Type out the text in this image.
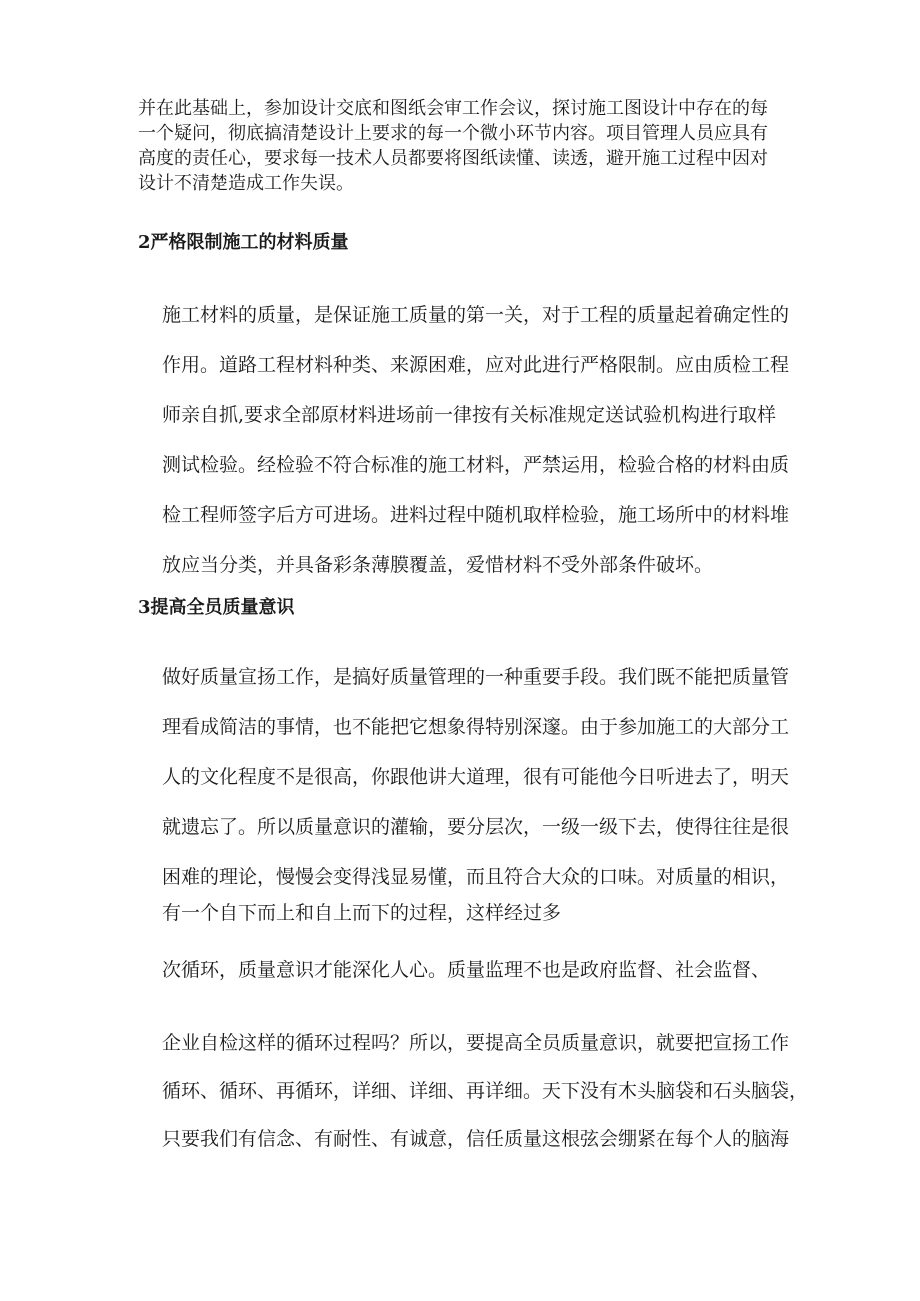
并在此基础上，参加设计交底和图纸会审工作会议，探讨施工图设计中存在的每
一个疑问，彻底搞清楚设计上要求的每一个微小环节内容。项目管理人员应具有
高度的责任心，要求每一技术人员都要将图纸读懂、读透，避开施工过程中因对
设计不清楚造成工作失误。
2严格限制施工的材料质量
施工材料的质量，是保证施工质量的第一关，对于工程的质量起着确定性的
作用。道路工程材料种类、来源困难，应对此进行严格限制。应由质检工程
师亲自抓,要求全部原材料进场前一律按有关标准规定送试验机构进行取样
测试检验。经检验不符合标准的施工材料，严禁运用，检验合格的材料由质
检工程师签字后方可进场。进料过程中随机取样检验，施工场所中的材料堆
放应当分类，并具备彩条薄膜覆盖，爱惜材料不受外部条件破坏。
3提高全员质量意识
做好质量宣扬工作，是搞好质量管理的一种重要手段。我们既不能把质量管
理看成简洁的事情，也不能把它想象得特别深邃。由于参加施工的大部分工
人的文化程度不是很高，你跟他讲大道理，很有可能他今日听进去了，明天
就遗忘了。所以质量意识的灌输，要分层次，一级一级下去，使得往往是很
困难的理论，慢慢会变得浅显易懂，而且符合大众的口味。对质量的相识，
有一个自下而上和自上而下的过程，这样经过多
次循环，质量意识才能深化人心。质量监理不也是政府监督、社会监督、
企业自检这样的循环过程吗？所以，要提高全员质量意识，就要把宣扬工作
循环、循环、再循环，详细、详细、再详细。天下没有木头脑袋和石头脑袋，
只要我们有信念、有耐性、有诚意，信任质量这根弦会绷紧在每个人的脑海
